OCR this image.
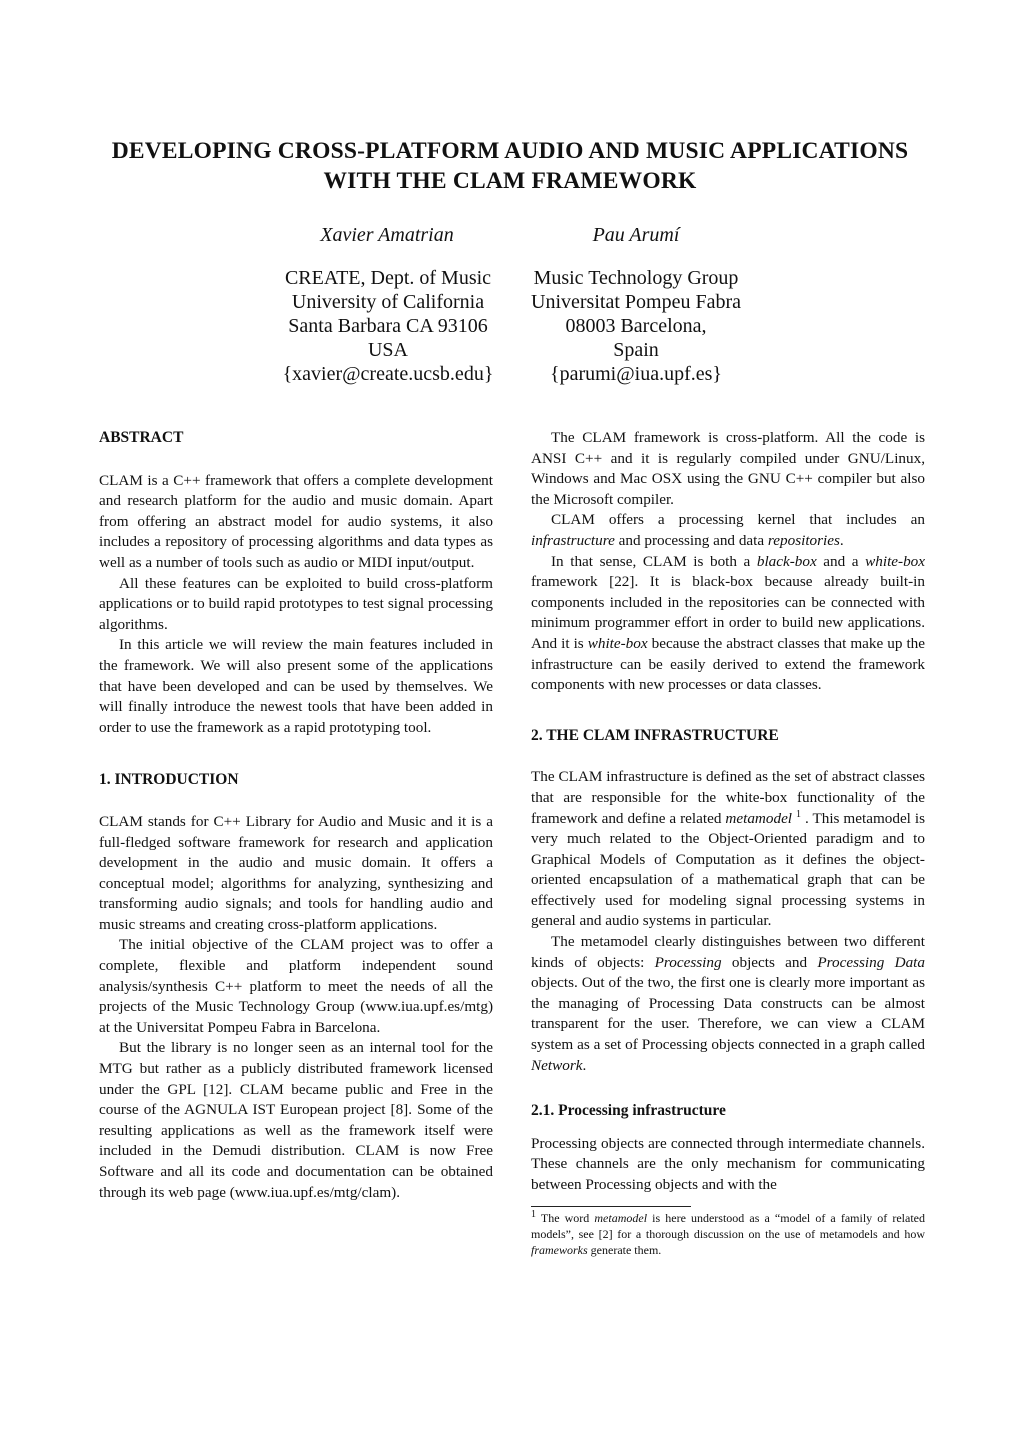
DEVELOPING CROSS-PLATFORM AUDIO AND MUSIC APPLICATIONS
WITH THE CLAM FRAMEWORK
Xavier Amatrian	Pau Arumí
CREATE, Dept. of Music
University of California
Santa Barbara CA 93106
USA
{xavier@create.ucsb.edu}
Music Technology Group
Universitat Pompeu Fabra
08003 Barcelona,
Spain
{parumi@iua.upf.es}

ABSTRACT

CLAM is a C++ framework that offers a complete development and research platform for the audio and music domain. Apart from offering an abstract model for audio systems, it also includes a repository of processing algorithms and data types as well as a number of tools such as audio or MIDI input/output.

All these features can be exploited to build cross-platform applications or to build rapid prototypes to test signal processing algorithms.

In this article we will review the main features included in the framework. We will also present some of the applications that have been developed and can be used by themselves. We will finally introduce the newest tools that have been added in order to use the framework as a rapid prototyping tool.

1. INTRODUCTION

CLAM stands for C++ Library for Audio and Music and it is a full-fledged software framework for research and application development in the audio and music domain. It offers a conceptual model; algorithms for analyzing, synthesizing and transforming audio signals; and tools for handling audio and music streams and creating cross-platform applications.

The initial objective of the CLAM project was to offer a complete, flexible and platform independent sound analysis/synthesis C++ platform to meet the needs of all the projects of the Music Technology Group (www.iua.upf.es/mtg) at the Universitat Pompeu Fabra in Barcelona.

But the library is no longer seen as an internal tool for the MTG but rather as a publicly distributed framework licensed under the GPL [12]. CLAM became public and Free in the course of the AGNULA IST European project [8]. Some of the resulting applications as well as the framework itself were included in the Demudi distribution. CLAM is now Free Software and all its code and documentation can be obtained through its web page (www.iua.upf.es/mtg/clam).

The CLAM framework is cross-platform. All the code is ANSI C++ and it is regularly compiled under GNU/Linux, Windows and Mac OSX using the GNU C++ compiler but also the Microsoft compiler.

CLAM offers a processing kernel that includes an infrastructure and processing and data repositories.

In that sense, CLAM is both a black-box and a white-box framework [22]. It is black-box because already built-in components included in the repositories can be connected with minimum programmer effort in order to build new applications. And it is white-box because the abstract classes that make up the infrastructure can be easily derived to extend the framework components with new processes or data classes.

2. THE CLAM INFRASTRUCTURE

The CLAM infrastructure is defined as the set of abstract classes that are responsible for the white-box functionality of the framework and define a related metamodel $^1$ . This metamodel is very much related to the Object-Oriented paradigm and to Graphical Models of Computation as it defines the object-oriented encapsulation of a mathematical graph that can be effectively used for modeling signal processing systems in general and audio systems in particular.

The metamodel clearly distinguishes between two different kinds of objects: Processing objects and Processing Data objects. Out of the two, the first one is clearly more important as the managing of Processing Data constructs can be almost transparent for the user. Therefore, we can view a CLAM system as a set of Processing objects connected in a graph called Network.

2.1. Processing infrastructure

Processing objects are connected through intermediate channels. These channels are the only mechanism for communicating between Processing objects and with the

$^1$ The word metamodel is here understood as a “model of a family of related models”, see [2] for a thorough discussion on the use of metamodels and how frameworks generate them.
